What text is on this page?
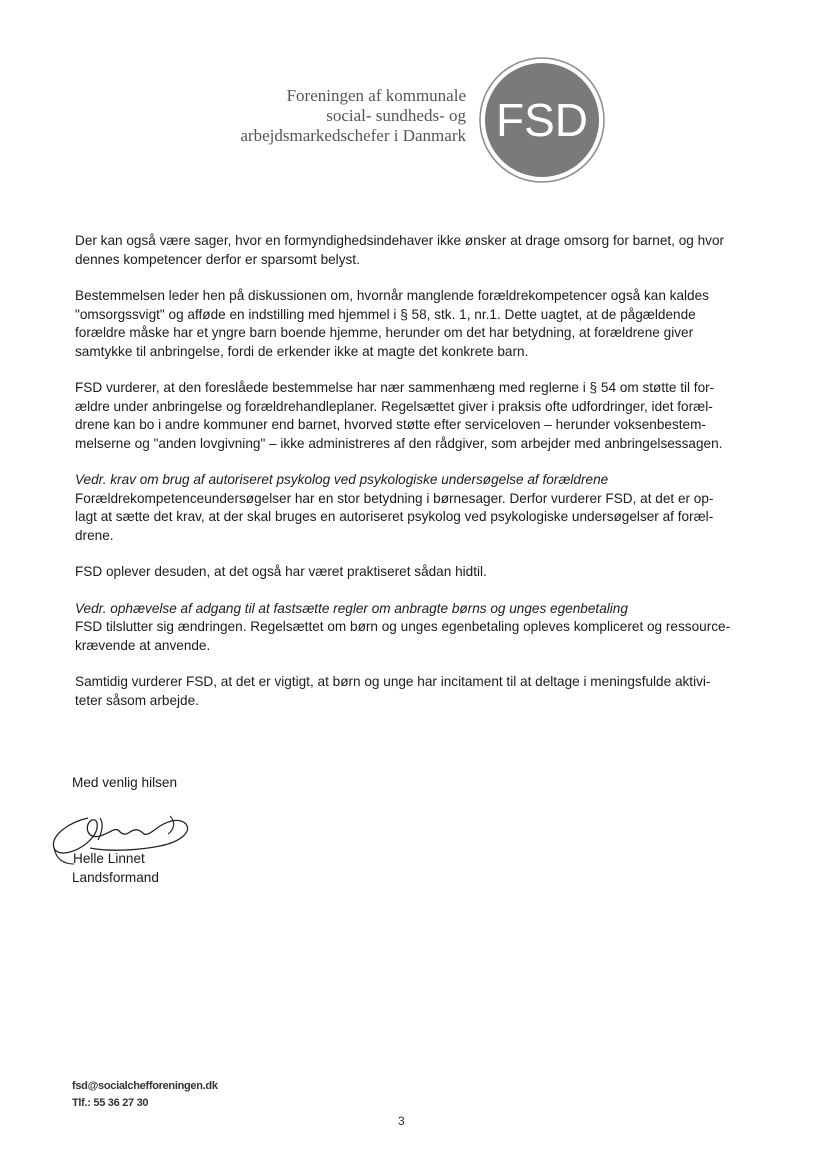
Foreningen af kommunale
social- sundheds- og
arbejdsmarkedschefer i Danmark FSD

Der kan også være sager, hvor en formyndighedsindehaver ikke ønsker at drage omsorg for barnet, og hvor
dennes kompetencer derfor er sparsomt belyst.

Bestemmelsen leder hen på diskussionen om, hvornår manglende forældrekompetencer også kan kaldes
"omsorgssvigt" og afføde en indstilling med hjemmel i § 58, stk. 1, nr.1. Dette uagtet, at de pågældende
forældre måske har et yngre barn boende hjemme, herunder om det har betydning, at forældrene giver
samtykke til anbringelse, fordi de erkender ikke at magte det konkrete barn.

FSD vurderer, at den foreslåede bestemmelse har nær sammenhæng med reglerne i § 54 om støtte til for-
ældre under anbringelse og forældrehandleplaner. Regelsættet giver i praksis ofte udfordringer, idet foræl-
drene kan bo i andre kommuner end barnet, hvorved støtte efter serviceloven – herunder voksenbestem-
melserne og "anden lovgivning" – ikke administreres af den rådgiver, som arbejder med anbringelsessagen.

Vedr. krav om brug af autoriseret psykolog ved psykologiske undersøgelse af forældrene
Forældrekompetenceundersøgelser har en stor betydning i børnesager. Derfor vurderer FSD, at det er op-
lagt at sætte det krav, at der skal bruges en autoriseret psykolog ved psykologiske undersøgelser af foræl-
drene.

FSD oplever desuden, at det også har været praktiseret sådan hidtil.

Vedr. ophævelse af adgang til at fastsætte regler om anbragte børns og unges egenbetaling
FSD tilslutter sig ændringen. Regelsættet om børn og unges egenbetaling opleves kompliceret og ressource-
krævende at anvende.

Samtidig vurderer FSD, at det er vigtigt, at børn og unge har incitament til at deltage i meningsfulde aktivi-
teter såsom arbejde.

Med venlig hilsen
Helle Linnet
Landsformand
fsd@socialchefforeningen.dk
Tlf.: 55 36 27 30
3
